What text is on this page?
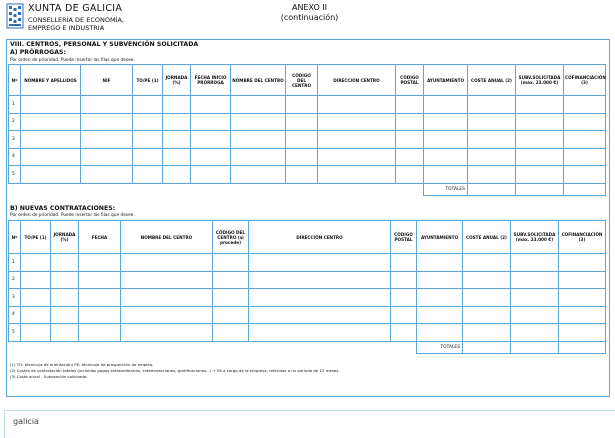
XUNTA DE GALICIA
CONSELLERÍA DE ECONOMÍA,
EMPREGO E INDUSTRIA
ANEXO II
(continuación)
VIII. CENTROS, PERSONAL Y SUBVENCIÓN SOLICITADA
A) PRÓRROGAS:
Por orden de prioridad. Puede insertar las filas que desee.
Nº	NOMBRE Y APELLIDOS	NIF	TO/PE (1)	JORNADA (%)	FECHA INICIO PRÓRROGA	NOMBRE DEL CENTRO	CÓDIGO DEL CENTRO	DIRECCIÓN CENTRO	CÓDIGO POSTAL	AYUNTAMIENTO	COSTE ANUAL (2)	SUBV.SOLICITADA (máx. 23.000 €)	COFINANCIACIÓN (3)
1													
2													
3													
4													
5													
										TOTALES			
B) NUEVAS CONTRATACIONES:
Por orden de prioridad. Puede insertar las filas que desee.
Nº	TO/PE (1)	JORNADA (%)	FECHA	NOMBRE DEL CENTRO	CÓDIGO DEL CENTRO (si procede)	DIRECCIÓN CENTRO	CÓDIGO POSTAL	AYUNTAMIENTO	COSTE ANUAL (2)	SUBV.SOLICITADA (máx. 23.000 €)	COFINANCIACIÓN (3)
1											
2											
3											
4											
5											
								TOTALES			
(1) TO: técnico/a de orientación/ PE: técnico/a de prospección de empleo.
(2) Costes de contratación totales (incluidas pagas extraordinarias, indemnizaciones, gratificaciones...) + SS a cargo de la empresa, referidos a un período de 12 meses.
(3) Coste anual - Subvención solicitada.
galicia
